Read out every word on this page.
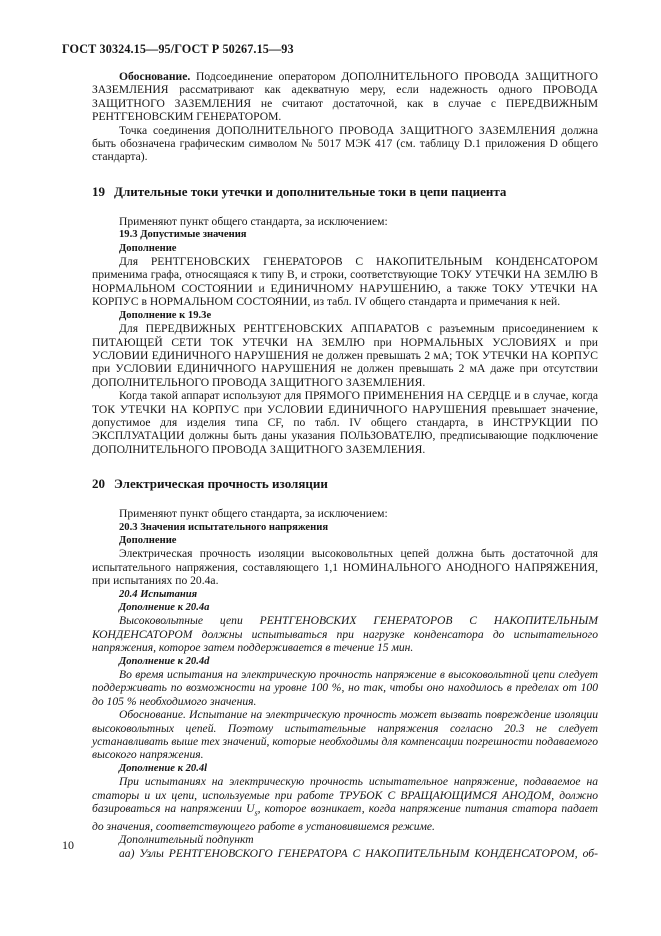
ГОСТ 30324.15—95/ГОСТ Р 50267.15—93

Обоснование. Подсоединение оператором ДОПОЛНИТЕЛЬНОГО ПРОВОДА ЗАЩИТНОГО ЗАЗЕМЛЕНИЯ рассматривают как адекватную меру, если надежность одного ПРОВОДА ЗАЩИТНОГО ЗАЗЕМЛЕНИЯ не считают достаточной, как в случае с ПЕРЕДВИЖНЫМ РЕНТГЕНОВСКИМ ГЕНЕРАТОРОМ.

Точка соединения ДОПОЛНИТЕЛЬНОГО ПРОВОДА ЗАЩИТНОГО ЗАЗЕМЛЕНИЯ должна быть обозначена графическим символом № 5017 МЭК 417 (см. таблицу D.1 приложения D общего стандарта).

19 Длительные токи утечки и дополнительные токи в цепи пациента

Применяют пункт общего стандарта, за исключением:

19.3 Допустимые значения

Дополнение

Для РЕНТГЕНОВСКИХ ГЕНЕРАТОРОВ С НАКОПИТЕЛЬНЫМ КОНДЕНСАТОРОМ применима графа, относящаяся к типу B, и строки, соответствующие ТОКУ УТЕЧКИ НА ЗЕМЛЮ В НОРМАЛЬНОМ СОСТОЯНИИ и ЕДИНИЧНОМУ НАРУШЕНИЮ, а также ТОКУ УТЕЧКИ НА КОРПУС в НОРМАЛЬНОМ СОСТОЯНИИ, из табл. IV общего стандарта и примечания к ней.

Дополнение к 19.3е

Для ПЕРЕДВИЖНЫХ РЕНТГЕНОВСКИХ АППАРАТОВ с разъемным присоединением к ПИТАЮЩЕЙ СЕТИ ТОК УТЕЧКИ НА ЗЕМЛЮ при НОРМАЛЬНЫХ УСЛОВИЯХ и при УСЛОВИИ ЕДИНИЧНОГО НАРУШЕНИЯ не должен превышать 2 мА; ТОК УТЕЧКИ НА КОРПУС при УСЛОВИИ ЕДИНИЧНОГО НАРУШЕНИЯ не должен превышать 2 мА даже при отсутствии ДОПОЛНИТЕЛЬНОГО ПРОВОДА ЗАЩИТНОГО ЗАЗЕМЛЕНИЯ.

Когда такой аппарат используют для ПРЯМОГО ПРИМЕНЕНИЯ НА СЕРДЦЕ и в случае, когда ТОК УТЕЧКИ НА КОРПУС при УСЛОВИИ ЕДИНИЧНОГО НАРУШЕНИЯ превышает значение, допустимое для изделия типа CF, по табл. IV общего стандарта, в ИНСТРУКЦИИ ПО ЭКСПЛУАТАЦИИ должны быть даны указания ПОЛЬЗОВАТЕЛЮ, предписывающие подключение ДОПОЛНИТЕЛЬНОГО ПРОВОДА ЗАЩИТНОГО ЗАЗЕМЛЕНИЯ.

20 Электрическая прочность изоляции

Применяют пункт общего стандарта, за исключением:

20.3 Значения испытательного напряжения

Дополнение

Электрическая прочность изоляции высоковольтных цепей должна быть достаточной для испытательного напряжения, составляющего 1,1 НОМИНАЛЬНОГО АНОДНОГО НАПРЯЖЕНИЯ, при испытаниях по 20.4а.

20.4 Испытания

Дополнение к 20.4а

Высоковольтные цепи РЕНТГЕНОВСКИХ ГЕНЕРАТОРОВ С НАКОПИТЕЛЬНЫМ КОНДЕНСАТОРОМ должны испытываться при нагрузке конденсатора до испытательного напряжения, которое затем поддерживается в течение 15 мин.

Дополнение к 20.4d

Во время испытания на электрическую прочность напряжение в высоковольтной цепи следует поддерживать по возможности на уровне 100 %, но так, чтобы оно находилось в пределах от 100 до 105 % необходимого значения.

Обоснование. Испытание на электрическую прочность может вызвать повреждение изоляции высоковольтных цепей. Поэтому испытательные напряжения согласно 20.3 не следует устанавливать выше тех значений, которые необходимы для компенсации погрешности подаваемого высокого напряжения.

Дополнение к 20.4l

При испытаниях на электрическую прочность испытательное напряжение, подаваемое на статоры и их цепи, используемые при работе ТРУБОК С ВРАЩАЮЩИМСЯ АНОДОМ, должно базироваться на напряжении $U_s$, которое возникает, когда напряжение питания статора падает до значения, соответствующего работе в установившемся режиме.

Дополнительный подпункт

аа) Узлы РЕНТГЕНОВСКОГО ГЕНЕРАТОРА С НАКОПИТЕЛЬНЫМ КОНДЕНСАТОРОМ, об-

10
